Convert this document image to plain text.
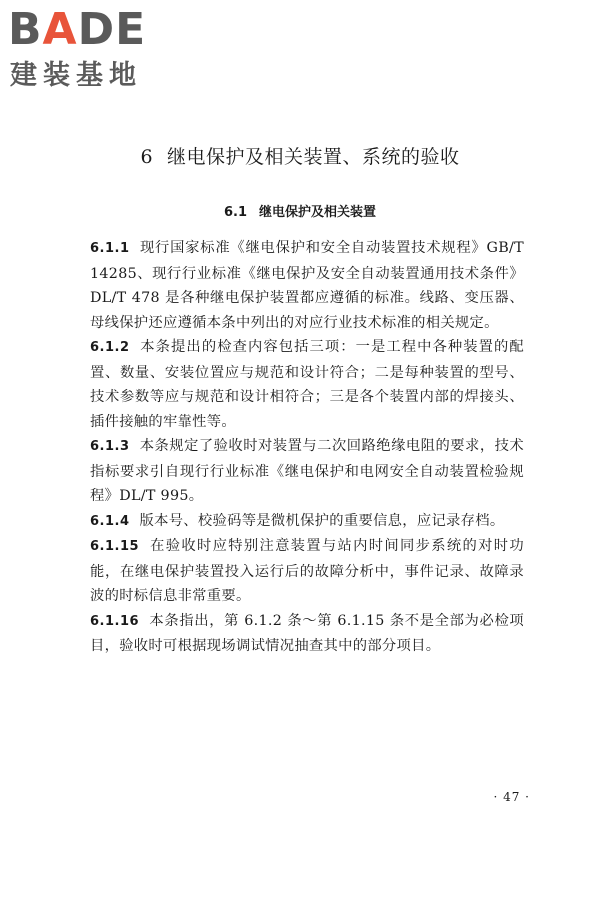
BADE
建装基地
6 继电保护及相关装置、系统的验收
6.1 继电保护及相关装置

6.1.1 现行国家标准《继电保护和安全自动装置技术规程》GB/T 14285、现行行业标准《继电保护及安全自动装置通用技术条件》DL/T 478 是各种继电保护装置都应遵循的标准。线路、变压器、母线保护还应遵循本条中列出的对应行业技术标准的相关规定。

6.1.2 本条提出的检查内容包括三项：一是工程中各种装置的配置、数量、安装位置应与规范和设计符合；二是每种装置的型号、技术参数等应与规范和设计相符合；三是各个装置内部的焊接头、插件接触的牢靠性等。

6.1.3 本条规定了验收时对装置与二次回路绝缘电阻的要求，技术指标要求引自现行行业标准《继电保护和电网安全自动装置检验规程》DL/T 995。

6.1.4 版本号、校验码等是微机保护的重要信息，应记录存档。

6.1.15 在验收时应特别注意装置与站内时间同步系统的对时功能，在继电保护装置投入运行后的故障分析中，事件记录、故障录波的时标信息非常重要。

6.1.16 本条指出，第 6.1.2 条～第 6.1.15 条不是全部为必检项目，验收时可根据现场调试情况抽查其中的部分项目。

· 47 ·
